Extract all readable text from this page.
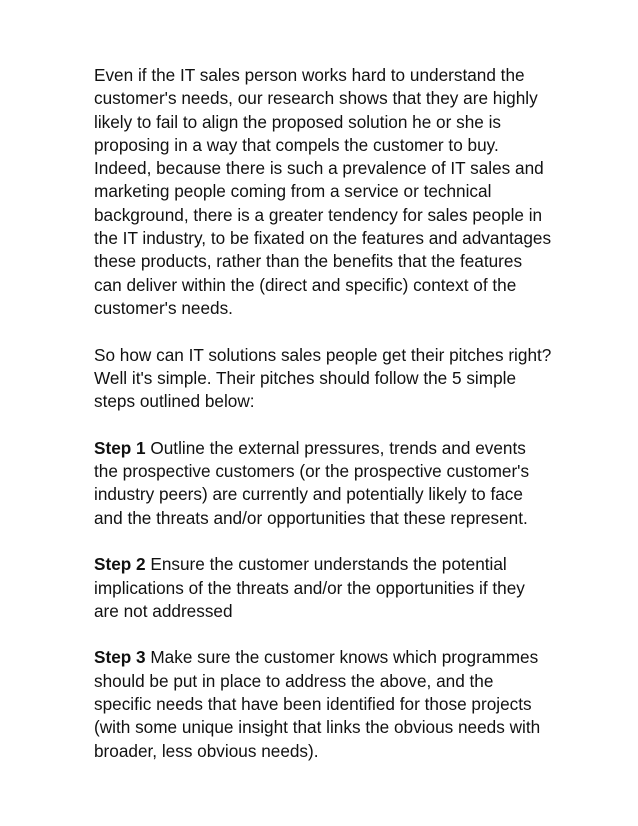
Even if the IT sales person works hard to understand the customer's needs, our research shows that they are highly likely to fail to align the proposed solution he or she is proposing in a way that compels the customer to buy. Indeed, because there is such a prevalence of IT sales and marketing people coming from a service or technical background, there is a greater tendency for sales people in the IT industry, to be fixated on the features and advantages these products, rather than the benefits that the features can deliver within the (direct and specific) context of the customer's needs.

So how can IT solutions sales people get their pitches right? Well it's simple. Their pitches should follow the 5 simple steps outlined below:

Step 1 Outline the external pressures, trends and events the prospective customers (or the prospective customer's industry peers) are currently and potentially likely to face and the threats and/or opportunities that these represent.

Step 2 Ensure the customer understands the potential implications of the threats and/or the opportunities if they are not addressed

Step 3 Make sure the customer knows which programmes should be put in place to address the above, and the specific needs that have been identified for those projects (with some unique insight that links the obvious needs with broader, less obvious needs).
